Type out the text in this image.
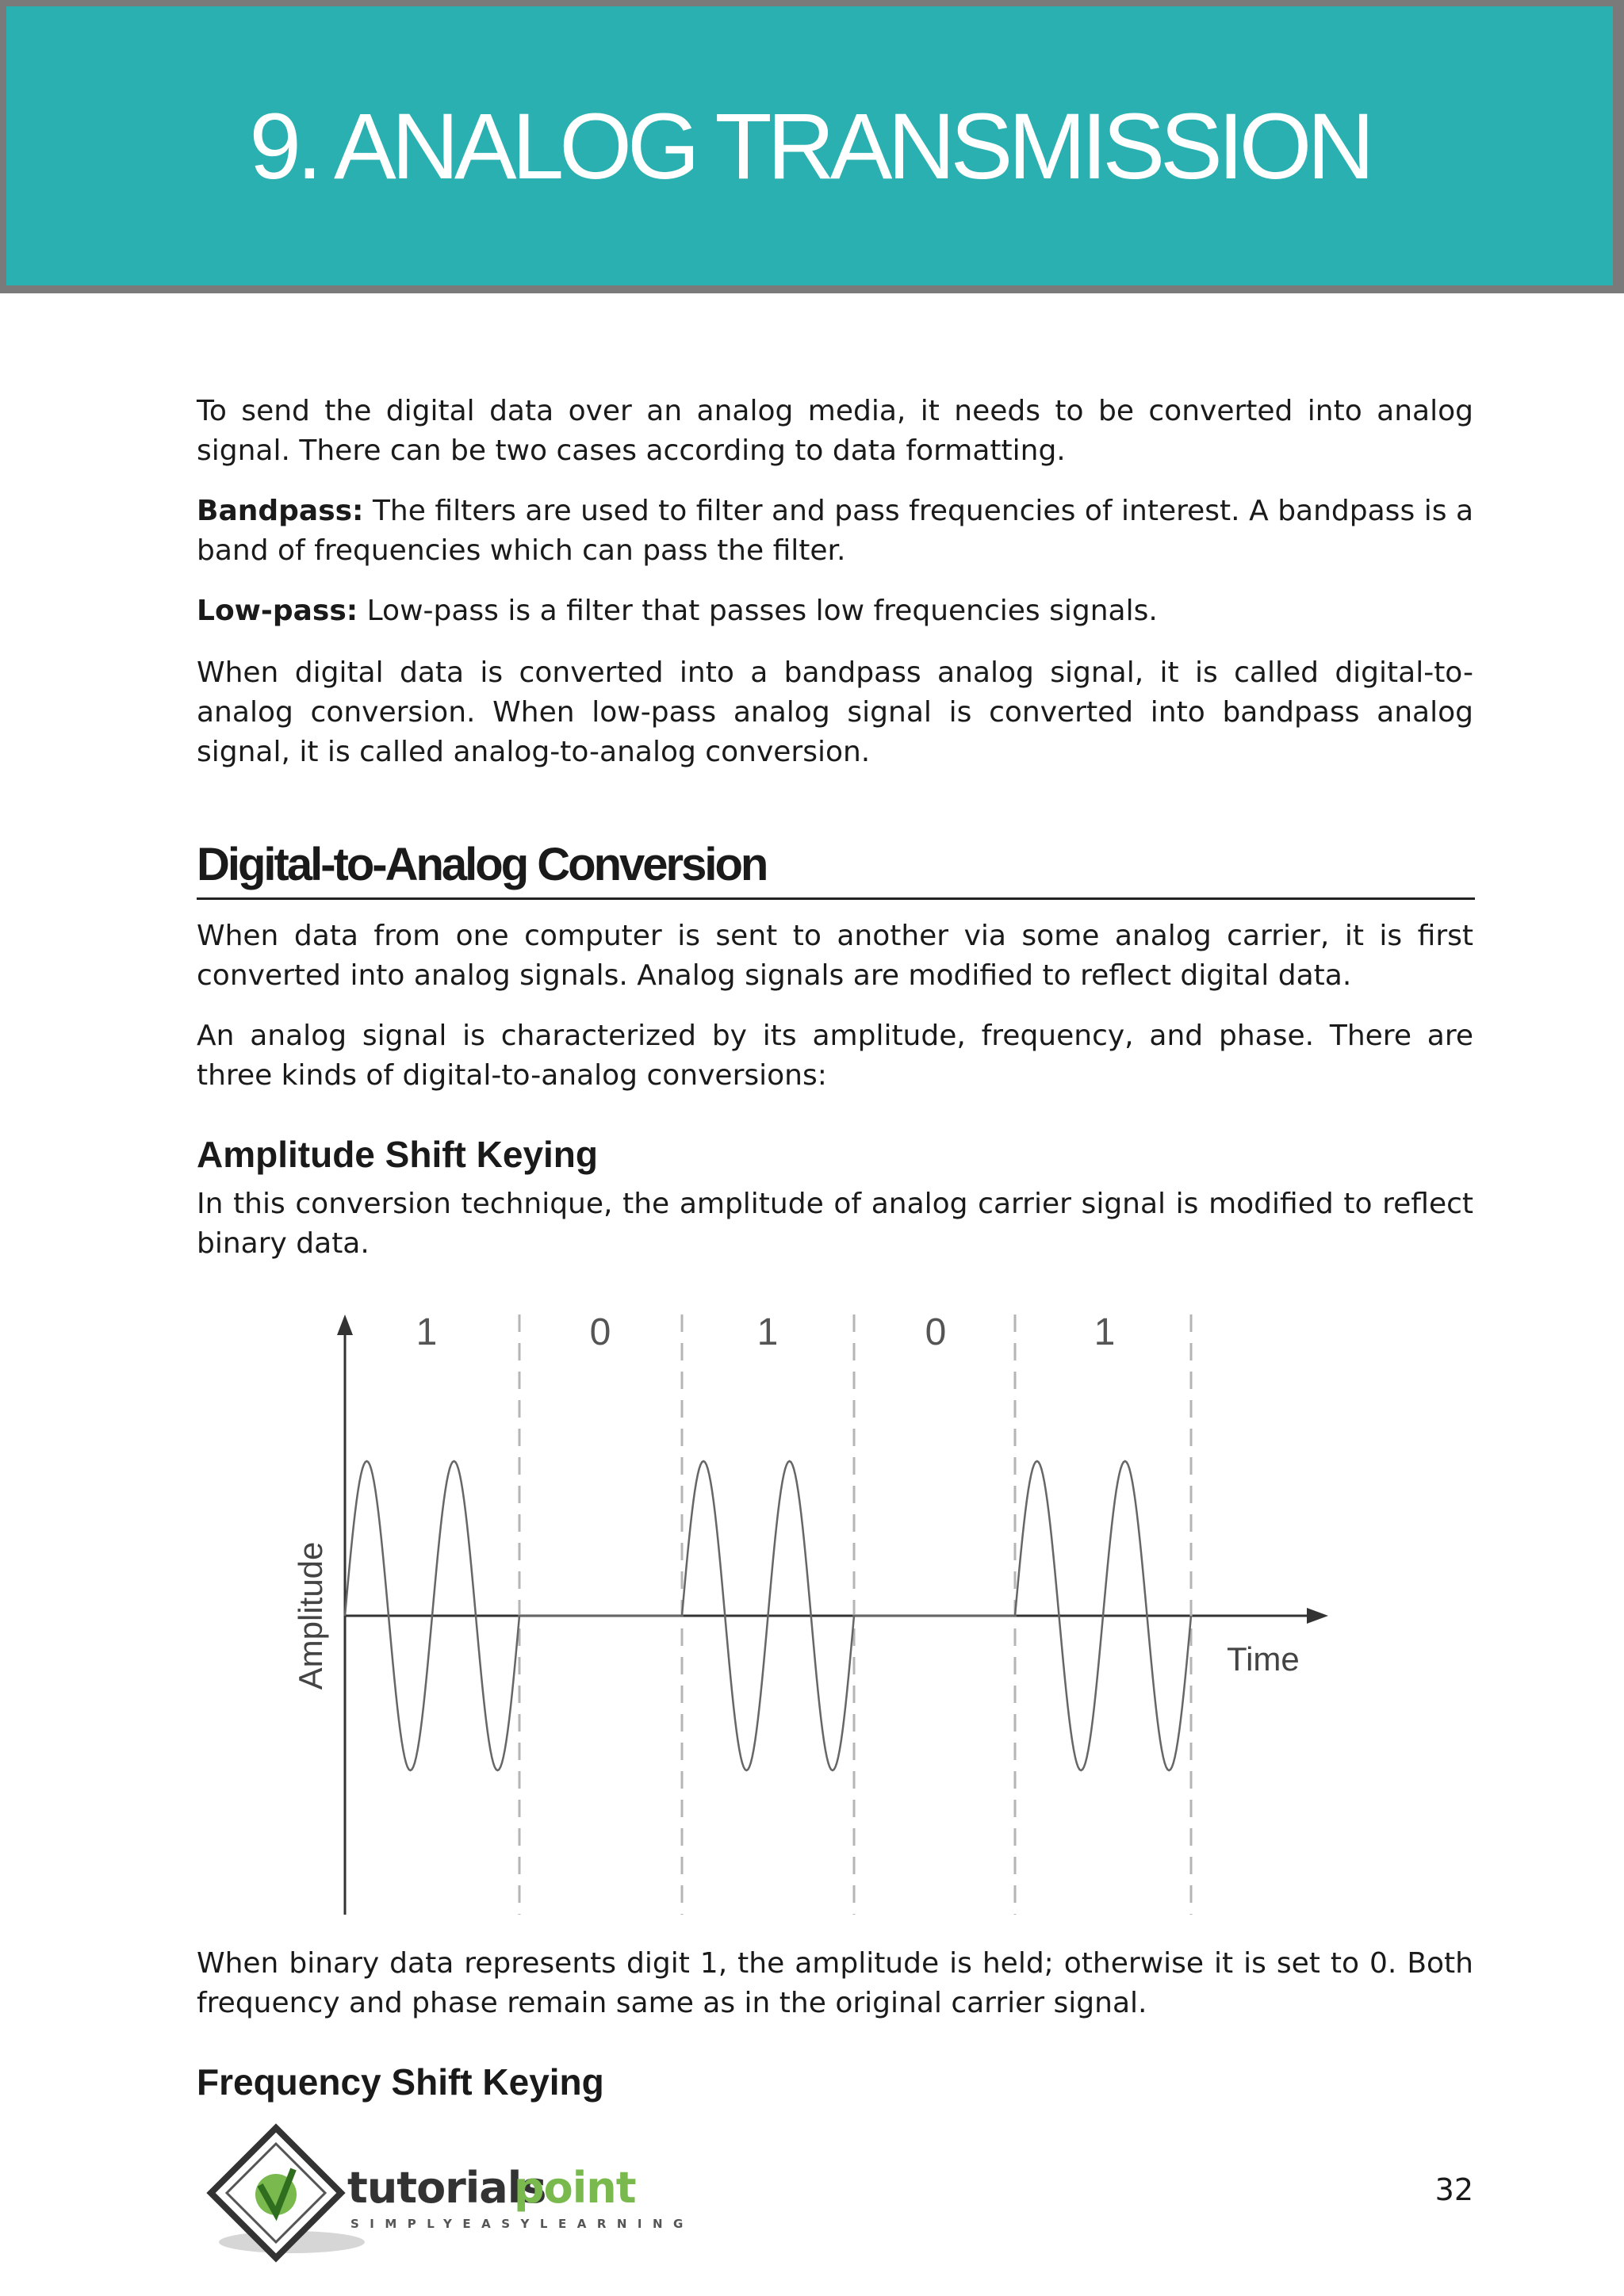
9. ANALOG TRANSMISSION

To send the digital data over an analog media, it needs to be converted into analog signal. There can be two cases according to data formatting.

Bandpass: The filters are used to filter and pass frequencies of interest. A bandpass is a band of frequencies which can pass the filter.

Low-pass: Low-pass is a filter that passes low frequencies signals.

When digital data is converted into a bandpass analog signal, it is called digital-to-analog conversion. When low-pass analog signal is converted into bandpass analog signal, it is called analog-to-analog conversion.

Digital-to-Analog Conversion

When data from one computer is sent to another via some analog carrier, it is first converted into analog signals. Analog signals are modified to reflect digital data.

An analog signal is characterized by its amplitude, frequency, and phase. There are three kinds of digital-to-analog conversions:

Amplitude Shift Keying

In this conversion technique, the amplitude of analog carrier signal is modified to reflect binary data.

1	0	1	0	1
Amplitude	Time

When binary data represents digit 1, the amplitude is held; otherwise it is set to 0. Both frequency and phase remain same as in the original carrier signal.

Frequency Shift Keying
tutorials
point
SIMPLYEASYLEARNING
32
